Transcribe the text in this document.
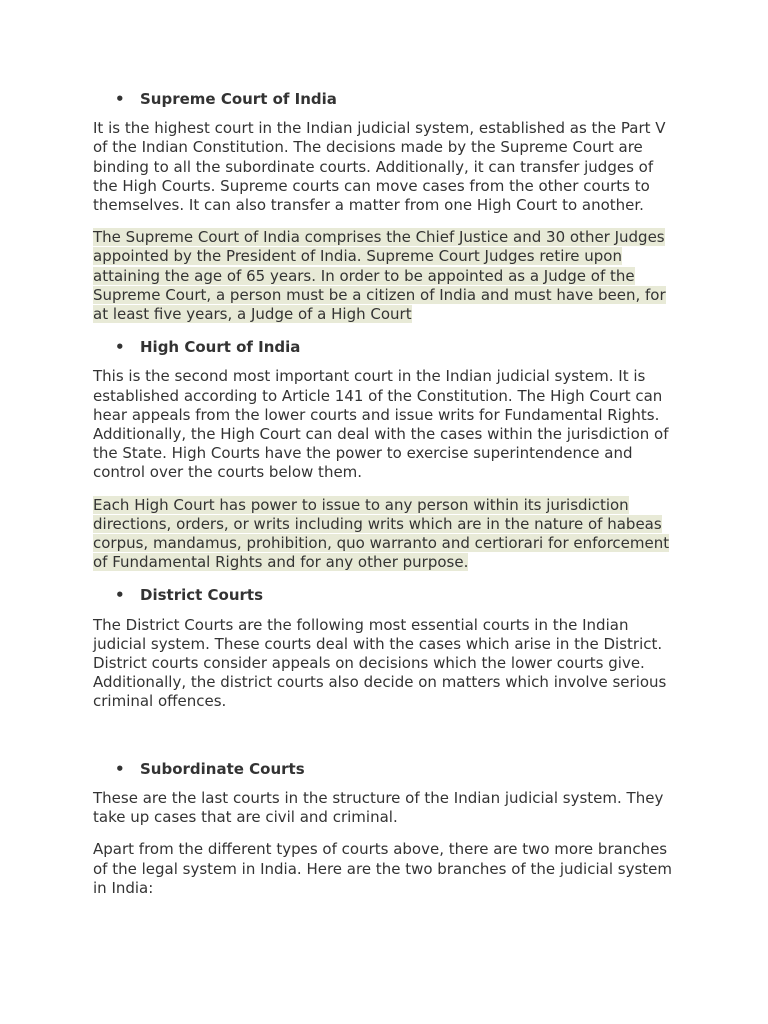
• Supreme Court of India

It is the highest court in the Indian judicial system, established as the Part V of the Indian Constitution. The decisions made by the Supreme Court are binding to all the subordinate courts. Additionally, it can transfer judges of the High Courts. Supreme courts can move cases from the other courts to themselves. It can also transfer a matter from one High Court to another.

The Supreme Court of India comprises the Chief Justice and 30 other Judges appointed by the President of India. Supreme Court Judges retire upon attaining the age of 65 years. In order to be appointed as a Judge of the Supreme Court, a person must be a citizen of India and must have been, for at least five years, a Judge of a High Court

• High Court of India

This is the second most important court in the Indian judicial system. It is established according to Article 141 of the Constitution. The High Court can hear appeals from the lower courts and issue writs for Fundamental Rights. Additionally, the High Court can deal with the cases within the jurisdiction of the State. High Courts have the power to exercise superintendence and control over the courts below them.

Each High Court has power to issue to any person within its jurisdiction directions, orders, or writs including writs which are in the nature of habeas corpus, mandamus, prohibition, quo warranto and certiorari for enforcement of Fundamental Rights and for any other purpose.

• District Courts

The District Courts are the following most essential courts in the Indian judicial system. These courts deal with the cases which arise in the District. District courts consider appeals on decisions which the lower courts give. Additionally, the district courts also decide on matters which involve serious criminal offences.

• Subordinate Courts

These are the last courts in the structure of the Indian judicial system. They take up cases that are civil and criminal.

Apart from the different types of courts above, there are two more branches of the legal system in India. Here are the two branches of the judicial system in India:
